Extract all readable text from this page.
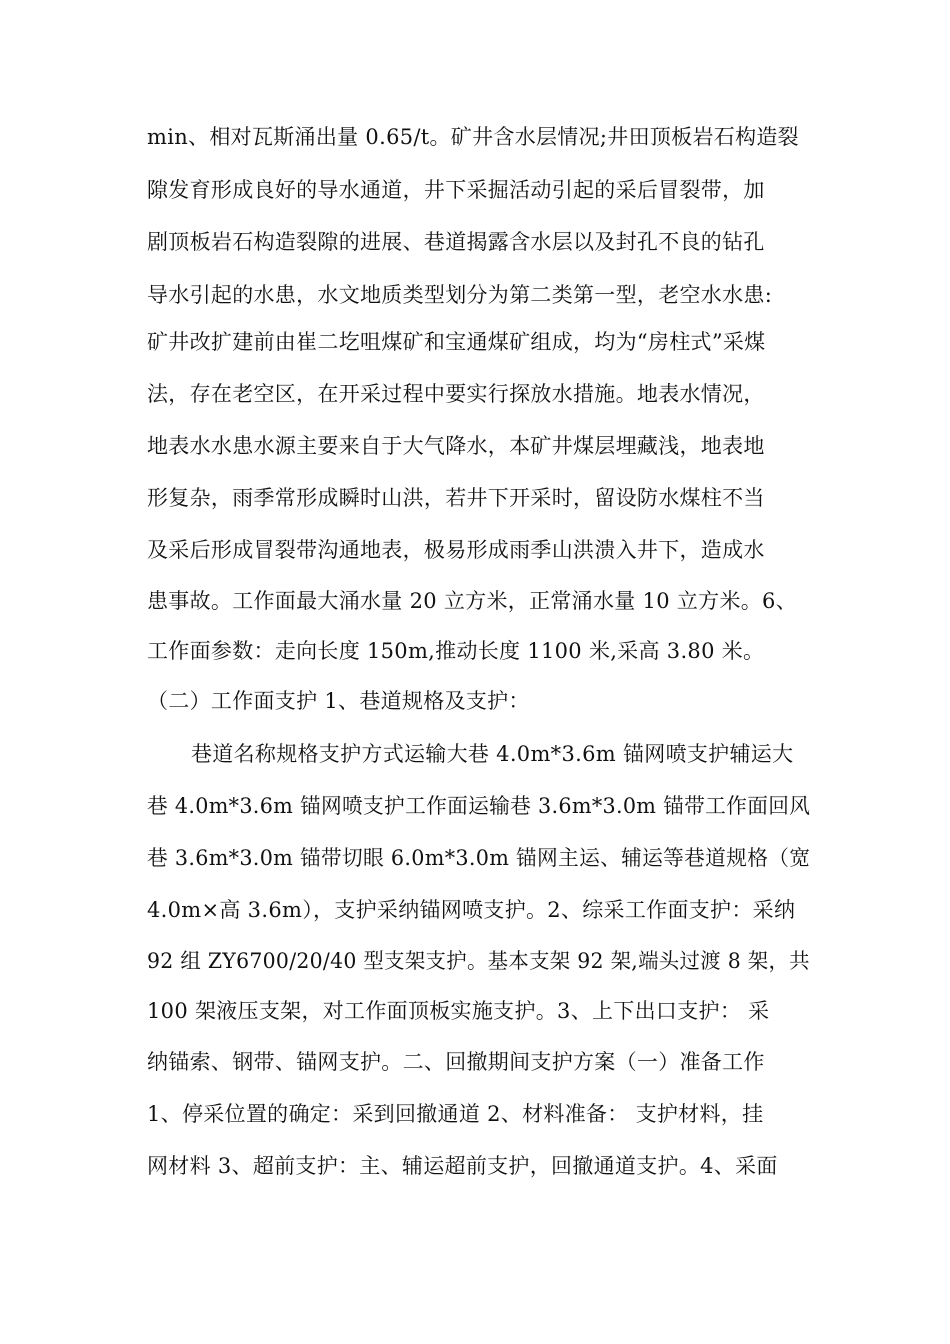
min、相对瓦斯涌出量 0.65/t。矿井含水层情况;井田顶板岩石构造裂
隙发育形成良好的导水通道，井下采掘活动引起的采后冒裂带，加
剧顶板岩石构造裂隙的进展、巷道揭露含水层以及封孔不良的钻孔
导水引起的水患，水文地质类型划分为第二类第一型，老空水水患:
矿井改扩建前由崔二圪咀煤矿和宝通煤矿组成，均为“房柱式”采煤
法，存在老空区，在开采过程中要实行探放水措施。地表水情况，
地表水水患水源主要来自于大气降水，本矿井煤层埋藏浅，地表地
形复杂，雨季常形成瞬时山洪，若井下开采时，留设防水煤柱不当
及采后形成冒裂带沟通地表，极易形成雨季山洪溃入井下，造成水
患事故。工作面最大涌水量 20 立方米，正常涌水量 10 立方米。6、
工作面参数：走向长度 150m,推动长度 1100 米,采高 3.80 米。
（二）工作面支护 1、巷道规格及支护：
巷道名称规格支护方式运输大巷 4.0m*3.6m 锚网喷支护辅运大
巷 4.0m*3.6m 锚网喷支护工作面运输巷 3.6m*3.0m 锚带工作面回风
巷 3.6m*3.0m 锚带切眼 6.0m*3.0m 锚网主运、辅运等巷道规格（宽
4.0m×高 3.6m），支护采纳锚网喷支护。2、综采工作面支护：采纳
92 组 ZY6700/20/40 型支架支护。基本支架 92 架,端头过渡 8 架，共
100 架液压支架，对工作面顶板实施支护。3、上下出口支护： 采
纳锚索、钢带、锚网支护。二、回撤期间支护方案（一）准备工作
1、停采位置的确定：采到回撤通道 2、材料准备： 支护材料，挂
网材料 3、超前支护：主、辅运超前支护，回撤通道支护。4、采面
